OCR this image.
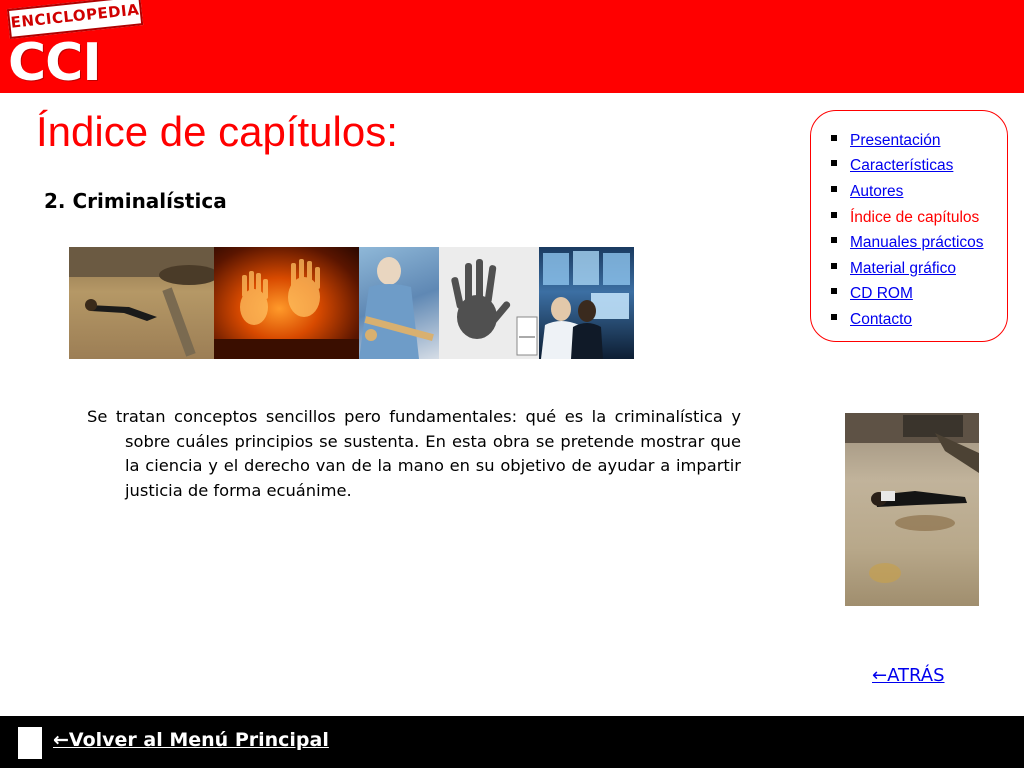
ENCICLOPEDIA
CCI
Índice de capítulos:
2. Criminalística
Presentación
Características
Autores
Índice de capítulos
Manuales prácticos
Material gráfico
CD ROM
Contacto
Se tratan conceptos sencillos pero fundamentales: qué es la criminalística y sobre cuáles principios se sustenta. En esta obra se pretende mostrar que la ciencia y el derecho van de la mano en su objetivo de ayudar a impartir justicia de forma ecuánime.
←ATRÁS
←Volver al Menú Principal
